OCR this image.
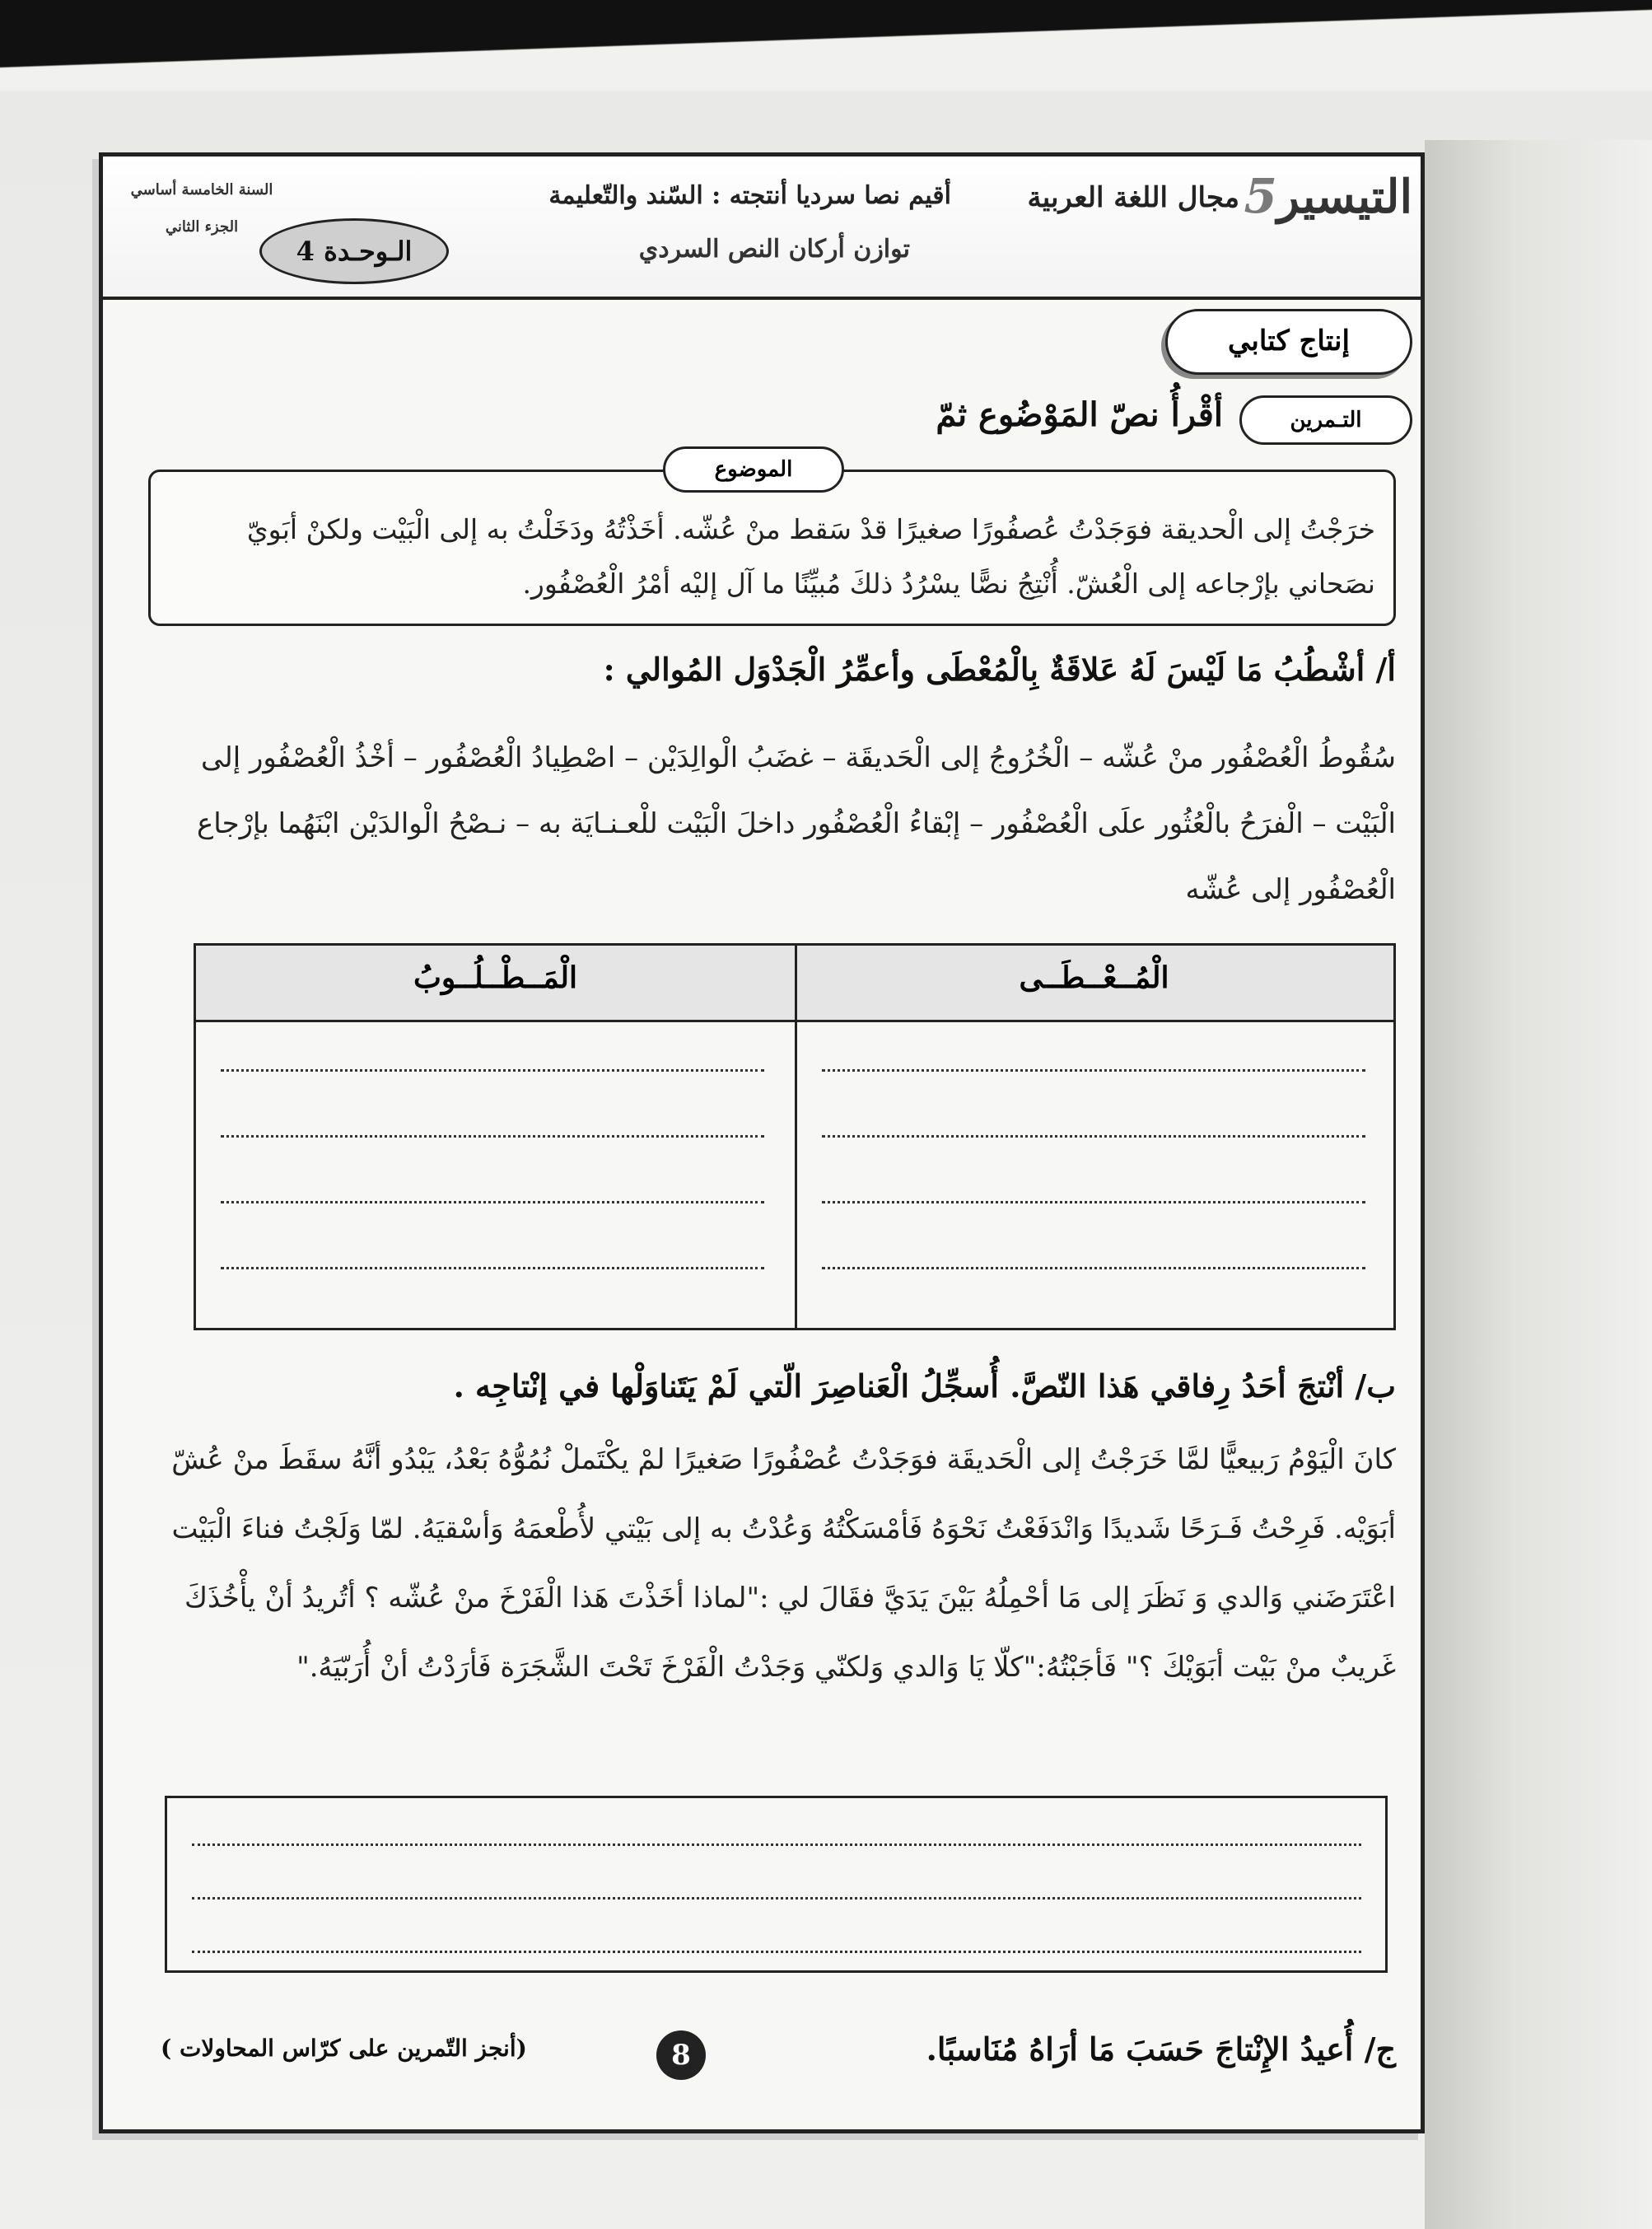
التيسير5
مجال اللغة العربية
أقيم نصا سرديا أنتجته : السّند والتّعليمة
توازن أركان النص السردي
السنة الخامسة أساسي
الجزء الثاني
الـوحـدة 4
إنتاج كتابي
التـمرين
أقْرأُ نصّ المَوْضُوع ثمّ
الموضوع
خرَجْتُ إلى الْحديقة فوَجَدْتُ عُصفُورًا صغيرًا قدْ سَقط منْ عُشّه. أخَذْتُهُ ودَخَلْتُ به إلى الْبَيْت ولكنْ أبَويّ نصَحاني بإرْجاعه إلى الْعُشّ. أُنْتِجُ نصًّا يسْرُدُ ذلكَ مُبيِّنًا ما آل إليْه أمْرُ الْعُصْفُور.
أ/ أشْطُبُ مَا لَيْسَ لَهُ عَلاقَةٌ بِالْمُعْطَى وأعمِّرُ الْجَدْوَل المُوالي :
سُقُوطُ الْعُصْفُور منْ عُشّه – الْخُرُوجُ إلى الْحَديقَة – غضَبُ الْوالِدَيْن – اصْطِيادُ الْعُصْفُور – أخْذُ الْعُصْفُور إلى الْبَيْت – الْفرَحُ بالْعُثُور علَى الْعُصْفُور – إبْقاءُ الْعُصْفُور داخلَ الْبَيْت للْعـنـايَة به – نـصْحُ الْوالدَيْن ابْنَهُما بإرْجاع الْعُصْفُور إلى عُشّه
الْمُــعْــطَــى
الْمَــطْــلُــوبُ
ب/ أنْتجَ أحَدُ رِفاقي هَذا النّصَّ. أُسجِّلُ الْعَناصِرَ الّتي لَمْ يَتَناوَلْها في إنْتاجِه .
كانَ الْيَوْمُ رَبيعيًّا لمَّا خَرَجْتُ إلى الْحَديقَة فوَجَدْتُ عُصْفُورًا صَغيرًا لمْ يكْتَملْ نُمُوُّهُ بَعْدُ، يَبْدُو أنَّهُ سقَطَ منْ عُشّ أبَوَيْه. فَرِحْتُ فَـرَحًا شَديدًا وَانْدَفَعْتُ نَحْوَهُ فَأمْسَكْتُهُ وَعُدْتُ به إلى بَيْتي لأُطْعمَهُ وَأسْقيَهُ. لمّا وَلَجْتُ فناءَ الْبَيْت اعْتَرَضَني وَالدي وَ نَظَرَ إلى مَا أحْمِلُهُ بَيْنَ يَدَيَّ فقَالَ لي :"لماذا أخَذْتَ هَذا الْفَرْخَ منْ عُشّه ؟ أتُريدُ أنْ يأْخُذَكَ غَريبٌ منْ بَيْت أبَوَيْكَ ؟" فَأجَبْتُهُ:"كلّا يَا وَالدي وَلكنّي وَجَدْتُ الْفَرْخَ تَحْتَ الشَّجَرَة فَأرَدْتُ أنْ أُرَبّيَهُ."
ج/ أُعيدُ الإِنْتاجَ حَسَبَ مَا أرَاهُ مُنَاسبًا.
8
( أنجز التّمرين على كرّاس المحاولات)
